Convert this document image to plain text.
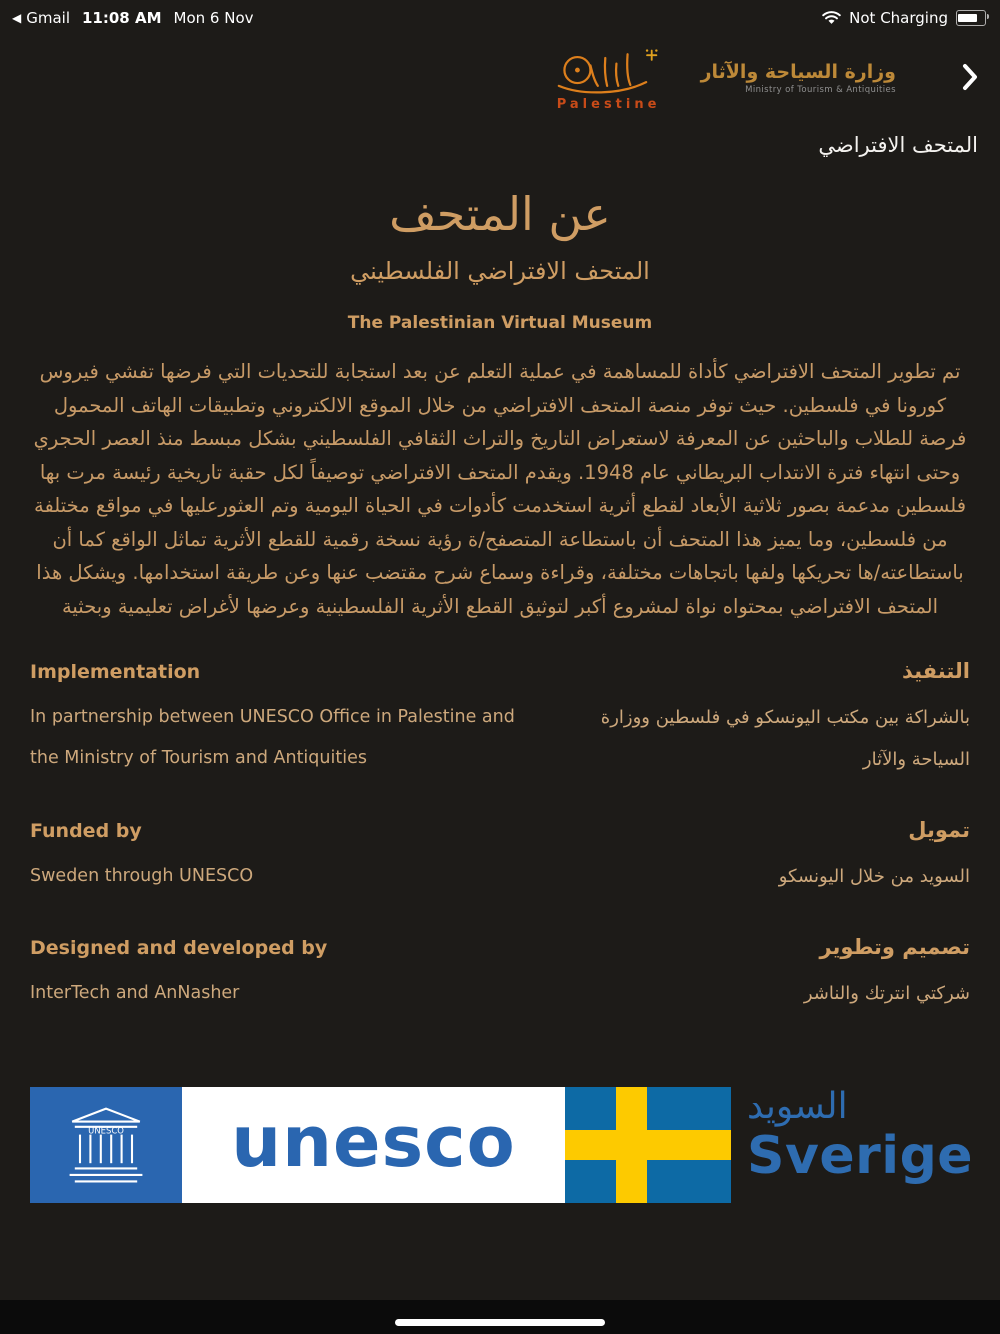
◀ Gmail 11:08 AM Mon 6 Nov	Not Charging
Palestine
وزارة السياحة والآثار
Ministry of Tourism & Antiquities
المتحف الافتراضي
عن المتحف
المتحف الافتراضي الفلسطيني
The Palestinian Virtual Museum

تم تطوير المتحف الافتراضي كأداة للمساهمة في عملية التعلم عن بعد استجابة للتحديات التي فرضها تفشي فيروس كورونا في فلسطين. حيث توفر منصة المتحف الافتراضي من خلال الموقع الالكتروني وتطبيقات الهاتف المحمول فرصة للطلاب والباحثين عن المعرفة لاستعراض التاريخ والتراث الثقافي الفلسطيني بشكل مبسط منذ العصر الحجري وحتى انتهاء فترة الانتداب البريطاني عام 1948. ويقدم المتحف الافتراضي توصيفاً لكل حقبة تاريخية رئيسة مرت بها فلسطين مدعمة بصور ثلاثية الأبعاد لقطع أثرية استخدمت كأدوات في الحياة اليومية وتم العثورعليها في مواقع مختلفة من فلسطين، وما يميز هذا المتحف أن باستطاعة المتصفح/ة رؤية نسخة رقمية للقطع الأثرية تماثل الواقع كما أن باستطاعته/ها تحريكها ولفها باتجاهات مختلفة، وقراءة وسماع شرح مقتضب عنها وعن طريقة استخدامها. ويشكل هذا المتحف الافتراضي بمحتواه نواة لمشروع أكبر لتوثيق القطع الأثرية الفلسطينية وعرضها لأغراض تعليمية وبحثية

Implementation	التنفيذ
In partnership between UNESCO Office in Palestine and the Ministry of Tourism and Antiquities
بالشراكة بين مكتب اليونسكو في فلسطين ووزارة السياحة والآثار
Funded by	تمويل
Sweden through UNESCO	السويد من خلال اليونسكو
Designed and developed by	تصميم وتطوير
InterTech and AnNasher	شركتي انترتك والناشر
UNESCO	unesco	السويد
Sverige
